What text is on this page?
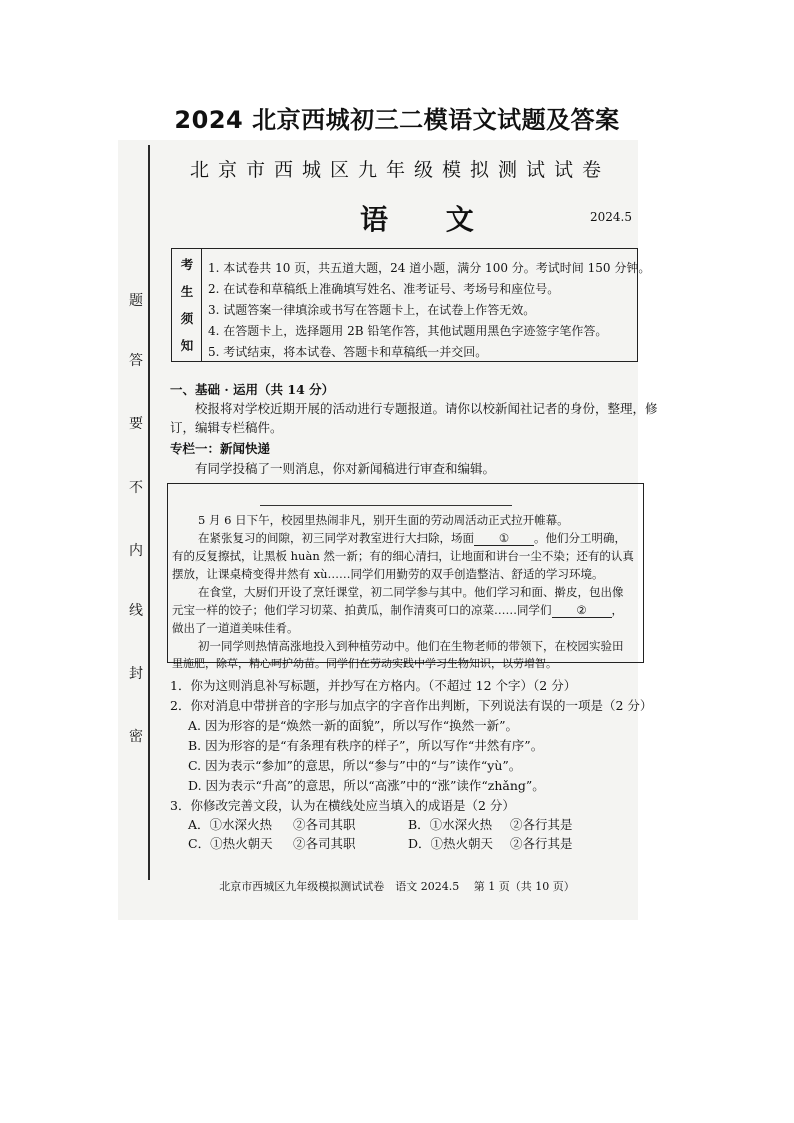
2024 北京西城初三二模语文试题及答案
题
答
要
不
内
线
封
密
北京市西城区九年级模拟测试试卷
语 文	2024.5
考
生
须
知
1. 本试卷共 10 页，共五道大题，24 道小题，满分 100 分。考试时间 150 分钟。
2. 在试卷和草稿纸上准确填写姓名、准考证号、考场号和座位号。
3. 试题答案一律填涂或书写在答题卡上，在试卷上作答无效。
4. 在答题卡上，选择题用 2B 铅笔作答，其他试题用黑色字迹签字笔作答。
5. 考试结束，将本试卷、答题卡和草稿纸一并交回。
一、基础 · 运用（共 14 分）
校报将对学校近期开展的活动进行专题报道。请你以校新闻社记者的身份，整理，修
订，编辑专栏稿件。
专栏一：新闻快递
有同学投稿了一则消息，你对新闻稿进行审查和编辑。
5 月 6 日下午，校园里热闹非凡，别开生面的劳动周活动正式拉开帷幕。
在紧张复习的间隙，初三同学对教室进行大扫除，场面 ① 。他们分工明确，
有的反复擦拭，让黑板 huàn 然一新；有的细心清扫，让地面和讲台一尘不染；还有的认真
摆放，让课桌椅变得井然有 xù……同学们用勤劳的双手创造整洁、舒适的学习环境。
在食堂，大厨们开设了烹饪课堂，初二同学参与其中。他们学习和面、擀皮，包出像
元宝一样的饺子；他们学习切菜、拍黄瓜，制作清爽可口的凉菜……同学们 ② ，
做出了一道道美味佳肴。
初一同学则热情高涨地投入到种植劳动中。他们在生物老师的带领下，在校园实验田
里施肥，除草，精心呵护幼苗。同学们在劳动实践中学习生物知识，以劳增智。
1．你为这则消息补写标题，并抄写在方格内。（不超过 12 个字）（2 分）
2．你对消息中带拼音的字形与加点字的字音作出判断，下列说法有误的一项是（2 分）
A. 因为形容的是“焕然一新的面貌”，所以写作“换然一新”。
B. 因为形容的是“有条理有秩序的样子”，所以写作“井然有序”。
C. 因为表示“参加”的意思，所以“参与”中的“与”读作“yù”。
D. 因为表示“升高”的意思，所以“高涨”中的“涨”读作“zhǎng”。
3．你修改完善文段，认为在横线处应当填入的成语是（2 分）
A．①水深火热 ②各司其职	B．①水深火热 ②各行其是
C．①热火朝天 ②各司其职	D．①热火朝天 ②各行其是
北京市西城区九年级模拟测试试卷　语文 2024.5　 第 1 页（共 10 页）
